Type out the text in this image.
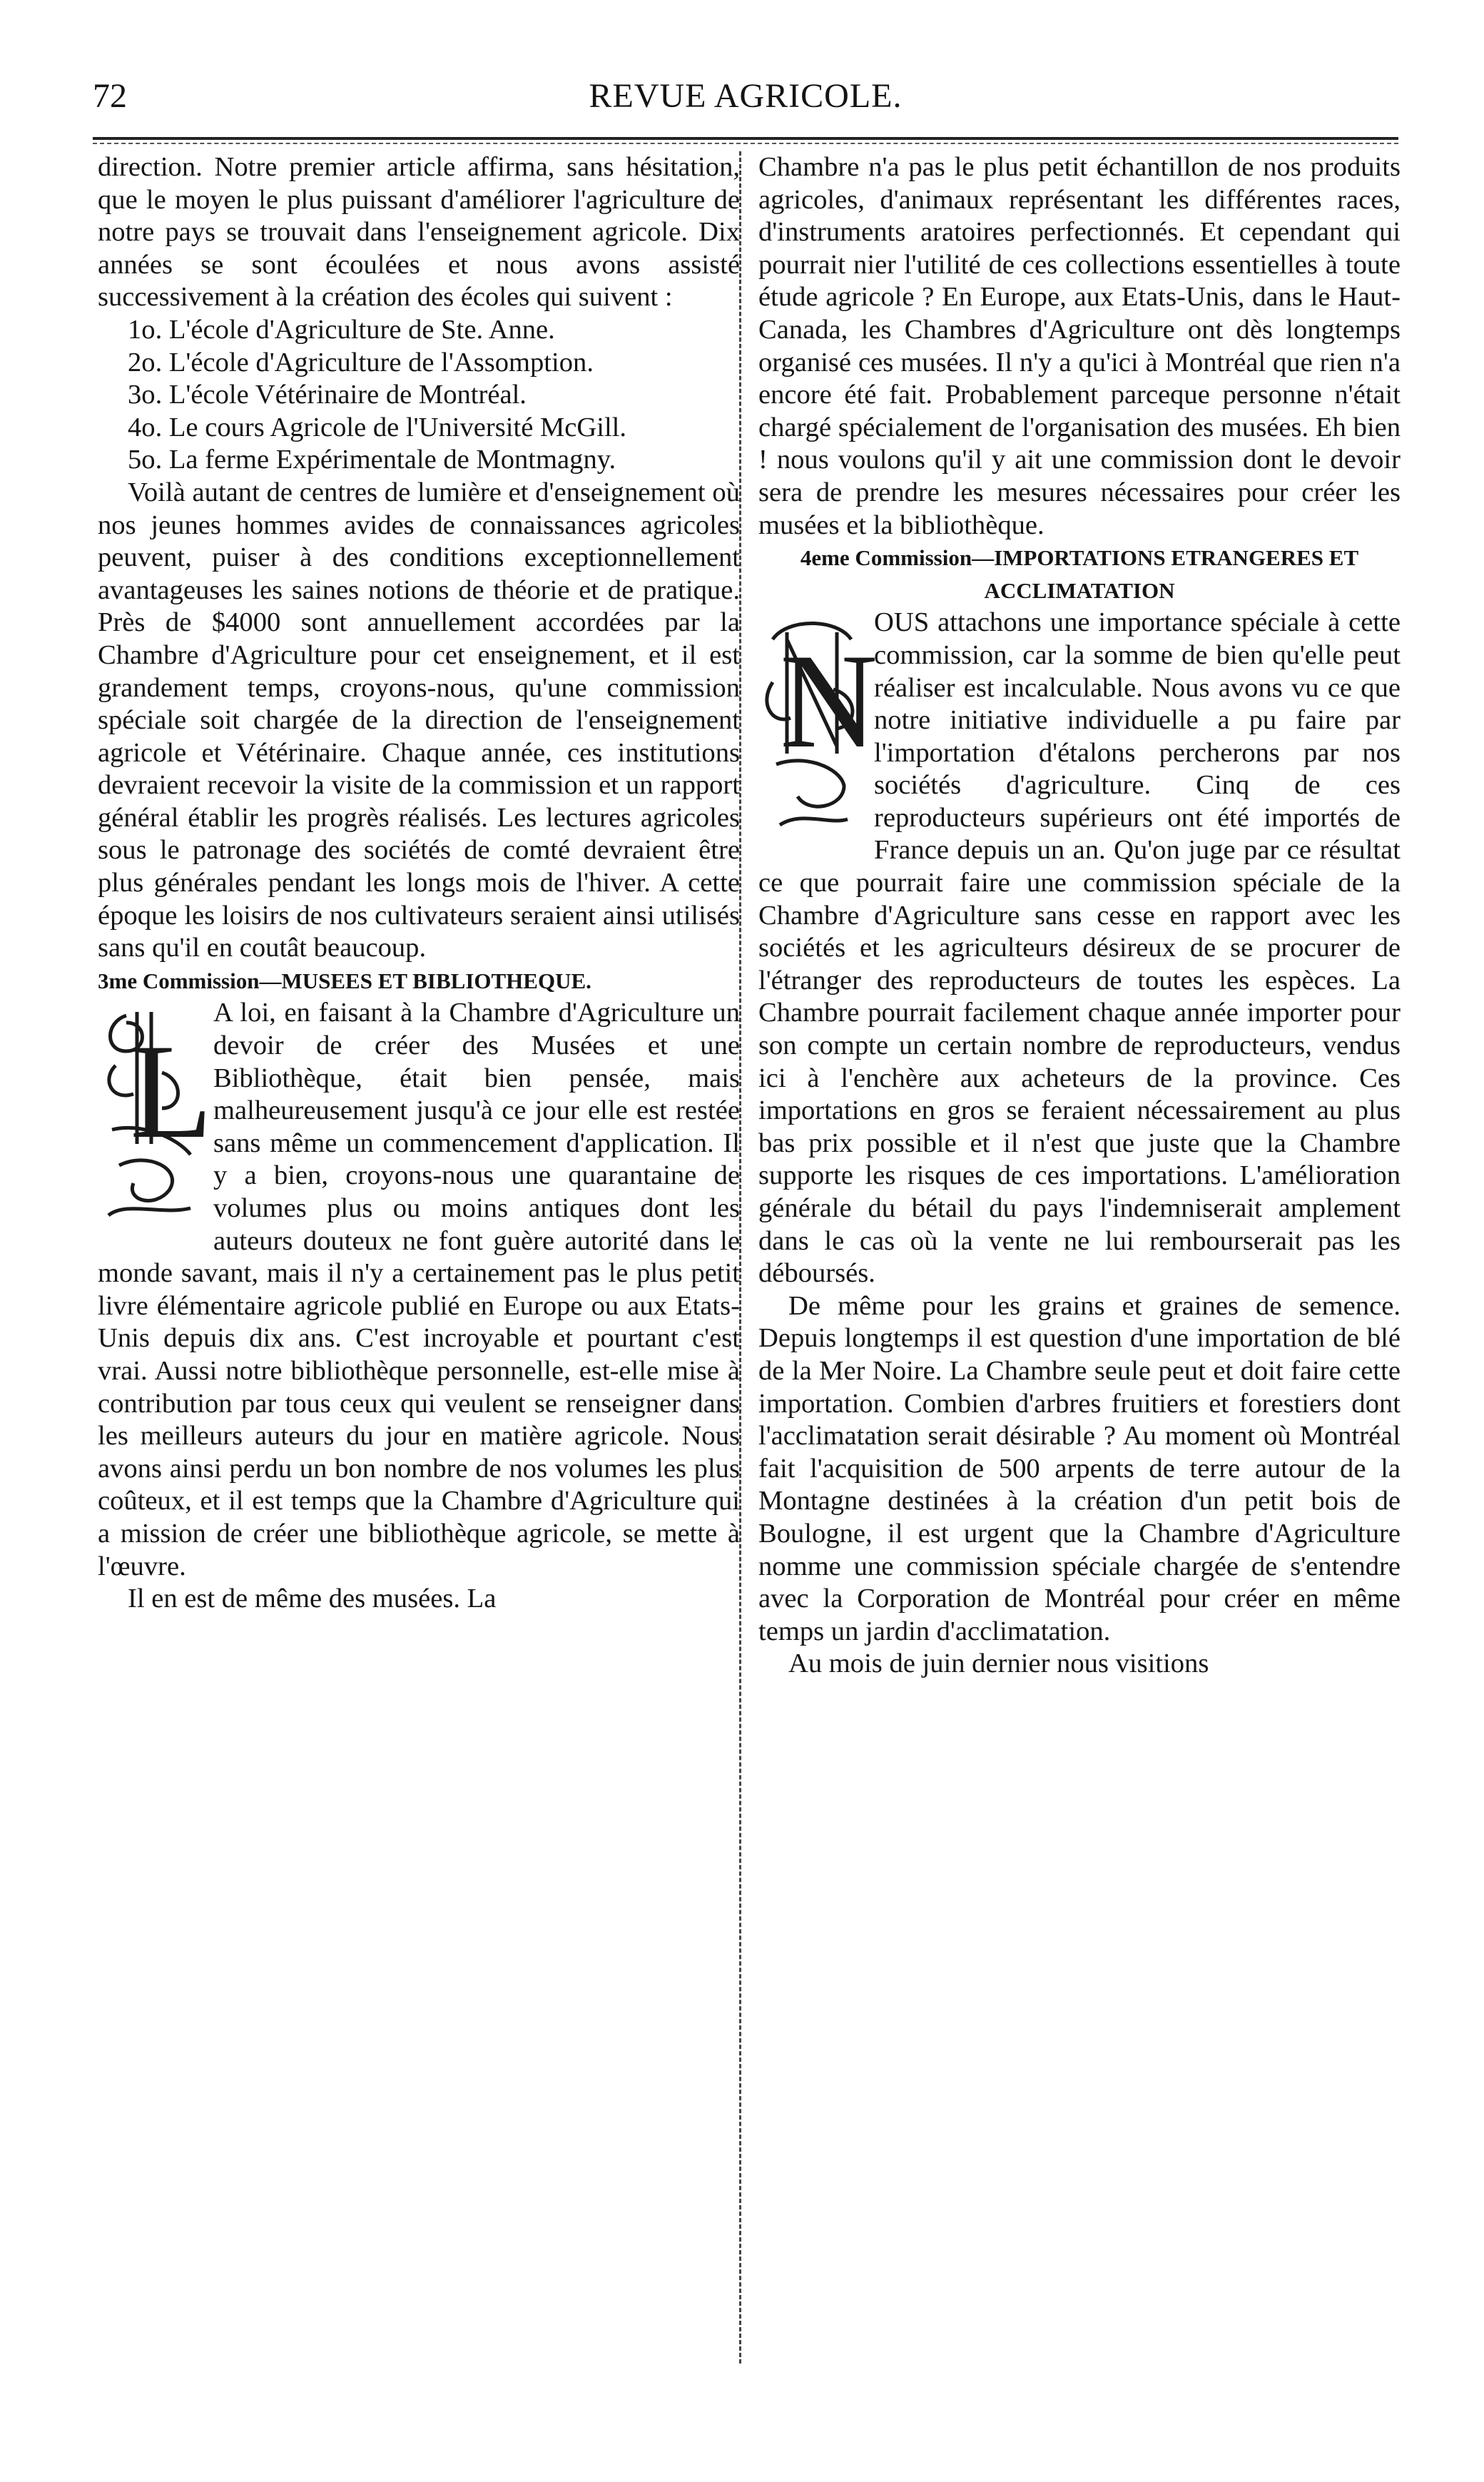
REVUE AGRICOLE.
72

direction. Notre premier article affirma, sans hésitation, que le moyen le plus puissant d'améliorer l'agriculture de notre pays se trouvait dans l'enseignement agricole. Dix années se sont écoulées et nous avons assisté successivement à la création des écoles qui suivent :

1o. L'école d'Agriculture de Ste. Anne.

2o. L'école d'Agriculture de l'Assomption.

3o. L'école Vétérinaire de Montréal.

4o. Le cours Agricole de l'Université McGill.

5o. La ferme Expérimentale de Montmagny.

Voilà autant de centres de lumière et d'enseignement où nos jeunes hommes avides de connaissances agricoles peuvent, puiser à des conditions exceptionnellement avantageuses les saines notions de théorie et de pratique. Près de $4000 sont annuellement accordées par la Chambre d'Agriculture pour cet enseignement, et il est grandement temps, croyons-nous, qu'une commission spéciale soit chargée de la direction de l'enseignement agricole et Vétérinaire. Chaque année, ces institutions devraient recevoir la visite de la commission et un rapport général établir les progrès réalisés. Les lectures agricoles sous le patronage des sociétés de comté devraient être plus générales pendant les longs mois de l'hiver. A cette époque les loisirs de nos cultivateurs seraient ainsi utilisés sans qu'il en coutât beaucoup.

3me Commission—MUSEES ET BIBLIOTHEQUE.

L

A loi, en faisant à la Chambre d'Agriculture un devoir de créer des Musées et une Bibliothèque, était bien pensée, mais malheureusement jusqu'à ce jour elle est restée sans même un commencement d'application. Il y a bien, croyons-nous une quarantaine de volumes plus ou moins antiques dont les auteurs douteux ne font guère autorité dans le monde savant, mais il n'y a certainement pas le plus petit livre élémentaire agricole publié en Europe ou aux Etats-Unis depuis dix ans. C'est incroyable et pourtant c'est vrai. Aussi notre bibliothèque personnelle, est-elle mise à contribution par tous ceux qui veulent se renseigner dans les meilleurs auteurs du jour en matière agricole. Nous avons ainsi perdu un bon nombre de nos volumes les plus coûteux, et il est temps que la Chambre d'Agriculture qui a mission de créer une bibliothèque agricole, se mette à l'œuvre.

Il en est de même des musées. La

Chambre n'a pas le plus petit échantillon de nos produits agricoles, d'animaux représentant les différentes races, d'instruments aratoires perfectionnés. Et cependant qui pourrait nier l'utilité de ces collections essentielles à toute étude agricole ? En Europe, aux Etats-Unis, dans le Haut-Canada, les Chambres d'Agriculture ont dès longtemps organisé ces musées. Il n'y a qu'ici à Montréal que rien n'a encore été fait. Probablement parceque personne n'était chargé spécialement de l'organisation des musées. Eh bien ! nous voulons qu'il y ait une commission dont le devoir sera de prendre les mesures nécessaires pour créer les musées et la bibliothèque.

4eme Commission—IMPORTATIONS ETRANGERES ET ACCLIMATATION

N

OUS attachons une importance spéciale à cette commission, car la somme de bien qu'elle peut réaliser est incalculable. Nous avons vu ce que notre initiative individuelle a pu faire par l'importation d'étalons percherons par nos sociétés d'agriculture. Cinq de ces reproducteurs supérieurs ont été importés de France depuis un an. Qu'on juge par ce résultat ce que pourrait faire une commission spéciale de la Chambre d'Agriculture sans cesse en rapport avec les sociétés et les agriculteurs désireux de se procurer de l'étranger des reproducteurs de toutes les espèces. La Chambre pourrait facilement chaque année importer pour son compte un certain nombre de reproducteurs, vendus ici à l'enchère aux acheteurs de la province. Ces importations en gros se feraient nécessairement au plus bas prix possible et il n'est que juste que la Chambre supporte les risques de ces importations. L'amélioration générale du bétail du pays l'indemniserait amplement dans le cas où la vente ne lui rembourserait pas les déboursés.

De même pour les grains et graines de semence. Depuis longtemps il est question d'une importation de blé de la Mer Noire. La Chambre seule peut et doit faire cette importation. Combien d'arbres fruitiers et forestiers dont l'acclimatation serait désirable ? Au moment où Montréal fait l'acquisition de 500 arpents de terre autour de la Montagne destinées à la création d'un petit bois de Boulogne, il est urgent que la Chambre d'Agriculture nomme une commission spéciale chargée de s'entendre avec la Corporation de Montréal pour créer en même temps un jardin d'acclimatation.

Au mois de juin dernier nous visitions
